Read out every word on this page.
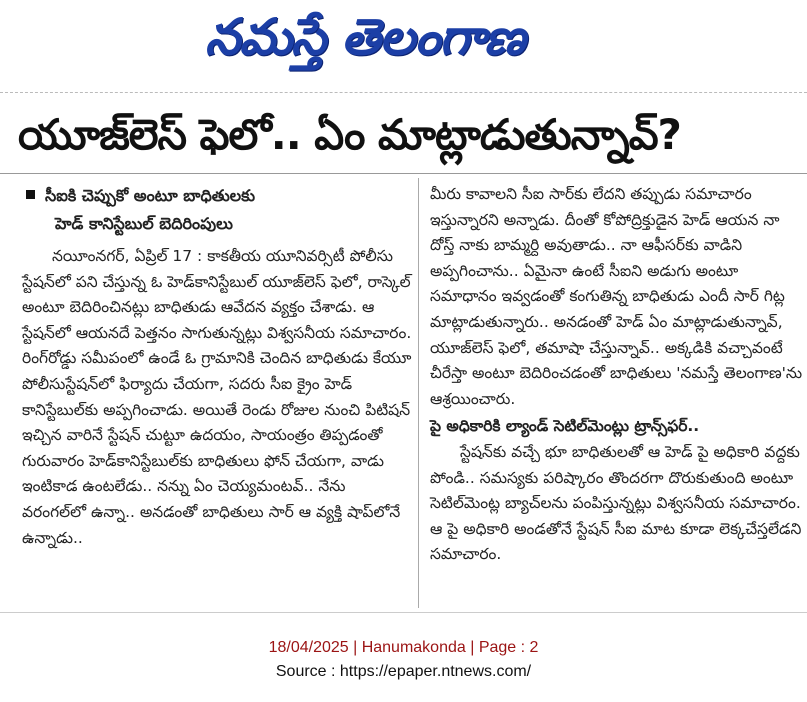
నమస్తే తెలంగాణ
యూజ్‌లెస్ ఫెలో.. ఏం మాట్లాడుతున్నావ్?
సీఐకి చెప్పుకో అంటూ బాధితులకు
హెడ్ కానిస్టేబుల్ బెదిరింపులు

నయీంనగర్, ఏప్రిల్ 17 : కాకతీయ యూనివర్సిటీ పోలీసు స్టేషన్‌లో పని చేస్తున్న ఓ హెడ్‌కానిస్టేబుల్ యూజ్‌లెస్ ఫెలో, రాస్కెల్ అంటూ బెదిరించినట్లు బాధితుడు ఆవేదన వ్యక్తం చేశాడు. ఆ స్టేషన్‌లో ఆయనదే పెత్తనం సాగుతున్నట్లు విశ్వసనీయ సమాచారం. రింగ్‌రోడ్డు సమీపంలో ఉండే ఓ గ్రామానికి చెందిన బాధితుడు కేయూ పోలీసుస్టేషన్‌లో ఫిర్యాదు చేయగా, సదరు సీఐ క్రైం హెడ్ కానిస్టేబుల్‌కు అప్పగించాడు. అయితే రెండు రోజుల నుంచి పిటిషన్ ఇచ్చిన వారినే స్టేషన్ చుట్టూ ఉదయం, సాయంత్రం తిప్పడంతో గురువారం హెడ్‌కానిస్టేబుల్‌కు బాధితులు ఫోన్ చేయగా, వాడు ఇంటికాడ ఉంటలేడు.. నన్ను ఏం చెయ్యమంటవ్.. నేను వరంగల్‌లో ఉన్నా.. అనడంతో బాధితులు సార్ ఆ వ్యక్తి షాప్‌లోనే ఉన్నాడు..

మీరు కావాలని సీఐ సార్‌కు లేదని తప్పుడు సమాచారం ఇస్తున్నారని అన్నాడు. దీంతో కోపోద్రిక్తుడైన హెడ్ ఆయన నా దోస్త్ నాకు బామ్మర్ది అవుతాడు.. నా ఆఫీసర్‌కు వాడిని అప్పగించాను.. ఏమైనా ఉంటే సీఐని అడుగు అంటూ సమాధానం ఇవ్వడంతో కంగుతిన్న బాధితుడు ఎందీ సార్ గిట్ల మాట్లాడుతున్నారు.. అనడంతో హెడ్ ఏం మాట్లాడుతున్నావ్, యూజ్‌లెస్ ఫెలో, తమాషా చేస్తున్నావ్.. అక్కడికి వచ్చావంటే చీరేస్తా అంటూ బెదిరించడంతో బాధితులు 'నమస్తే తెలంగాణ'ను ఆశ్రయించారు.

పై అధికారికి ల్యాండ్ సెటిల్‌మెంట్లు ట్రాన్స్‌ఫర్..

స్టేషన్‌కు వచ్చే భూ బాధితులతో ఆ హెడ్ పై అధికారి వద్దకు పోండి.. సమస్యకు పరిష్కారం తొందరగా దొరుకుతుంది అంటూ సెటిల్‌మెంట్ల బ్యాచ్‌లను పంపిస్తున్నట్లు విశ్వసనీయ సమాచారం. ఆ పై అధికారి అండతోనే స్టేషన్ సీఐ మాట కూడా లెక్కచేస్తలేడని సమాచారం.

18/04/2025 | Hanumakonda | Page : 2
Source : https://epaper.ntnews.com/
